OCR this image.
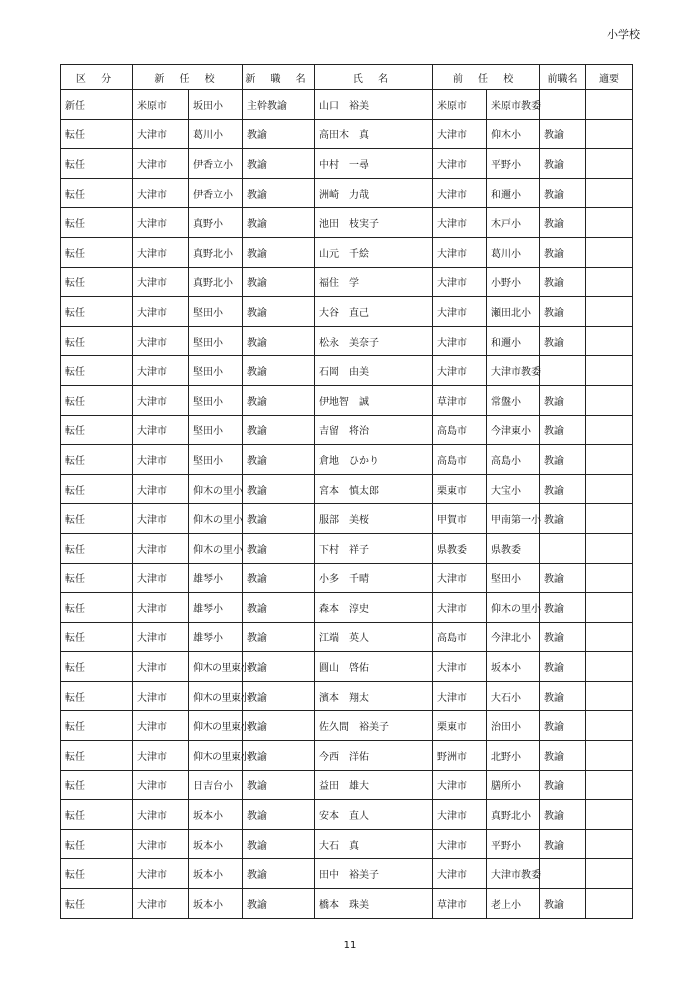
小学校
区 分	新 任 校		新 職 名	氏 名	前 任 校		前職名	適要
新任	米原市	坂田小	主幹教諭	山口　裕美	米原市	米原市教委		
転任	大津市	葛川小	教諭	高田木　真	大津市	仰木小	教諭	
転任	大津市	伊香立小	教諭	中村　一尋	大津市	平野小	教諭	
転任	大津市	伊香立小	教諭	洲崎　力哉	大津市	和邇小	教諭	
転任	大津市	真野小	教諭	池田　枝実子	大津市	木戸小	教諭	
転任	大津市	真野北小	教諭	山元　千絵	大津市	葛川小	教諭	
転任	大津市	真野北小	教諭	福住　学	大津市	小野小	教諭	
転任	大津市	堅田小	教諭	大谷　直己	大津市	瀬田北小	教諭	
転任	大津市	堅田小	教諭	松永　美奈子	大津市	和邇小	教諭	
転任	大津市	堅田小	教諭	石岡　由美	大津市	大津市教委		
転任	大津市	堅田小	教諭	伊地智　誠	草津市	常盤小	教諭	
転任	大津市	堅田小	教諭	吉留　将治	高島市	今津東小	教諭	
転任	大津市	堅田小	教諭	倉地　ひかり	高島市	高島小	教諭	
転任	大津市	仰木の里小	教諭	宮本　慎太郎	栗東市	大宝小	教諭	
転任	大津市	仰木の里小	教諭	服部　美桜	甲賀市	甲南第一小	教諭	
転任	大津市	仰木の里小	教諭	下村　祥子	県教委	県教委		
転任	大津市	雄琴小	教諭	小多　千晴	大津市	堅田小	教諭	
転任	大津市	雄琴小	教諭	森本　淳史	大津市	仰木の里小	教諭	
転任	大津市	雄琴小	教諭	江端　英人	高島市	今津北小	教諭	
転任	大津市	仰木の里東小	教諭	圓山　啓佑	大津市	坂本小	教諭	
転任	大津市	仰木の里東小	教諭	濱本　翔太	大津市	大石小	教諭	
転任	大津市	仰木の里東小	教諭	佐久間　裕美子	栗東市	治田小	教諭	
転任	大津市	仰木の里東小	教諭	今西　洋佑	野洲市	北野小	教諭	
転任	大津市	日吉台小	教諭	益田　雄大	大津市	膳所小	教諭	
転任	大津市	坂本小	教諭	安本　直人	大津市	真野北小	教諭	
転任	大津市	坂本小	教諭	大石　真	大津市	平野小	教諭	
転任	大津市	坂本小	教諭	田中　裕美子	大津市	大津市教委		
転任	大津市	坂本小	教諭	橋本　珠美	草津市	老上小	教諭	
11
